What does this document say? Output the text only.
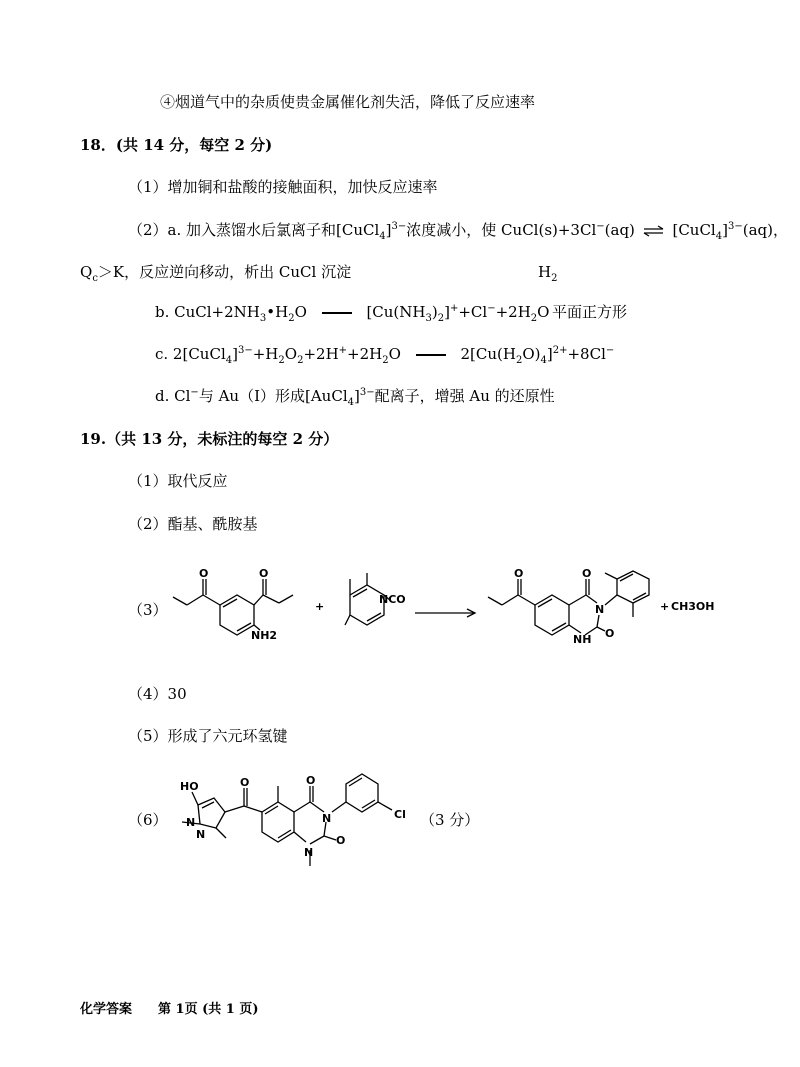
④烟道气中的杂质使贵金属催化剂失活，降低了反应速率
18．(共 14 分，每空 2 分)
（1）增加铜和盐酸的接触面积，加快反应速率
（2）a. 加入蒸馏水后氯离子和[CuCl$_4$]$^{3-}$浓度减小，使 CuCl(s)+3Cl−(aq) ⇌ [CuCl$_4$]$^{3-}$(aq)，
$Q_c>K$，反应逆向移动，析出 CuCl 沉淀	$H_2$
b. $CuCl+2NH_3•H_2O$	$[Cu(NH_3)_2]^++Cl^-+2H_2O$ 平面正方形
c. $2[CuCl_4]^{3-}+H_2O_2+2H^++2H_2O$	$2[Cu(H_2O)_4]^{2+}+8Cl^-$
d. Cl−与 Au（Ⅰ）形成[AuCl$_4$]$^{3-}$配离子，增强 Au 的还原性
19.（共 13 分，未标注的每空 2 分）
（1）取代反应
（2）酯基、酰胺基
（3）
NH2
O	O
+
NCO
O	O
N
O
NH
+ CH3OH
（4）30
（5）形成了六元环氢键
（6）
HO
N
N
O	O
N
O
N
Cl （3 分）
化学答案　　第 1页 (共 1 页)
